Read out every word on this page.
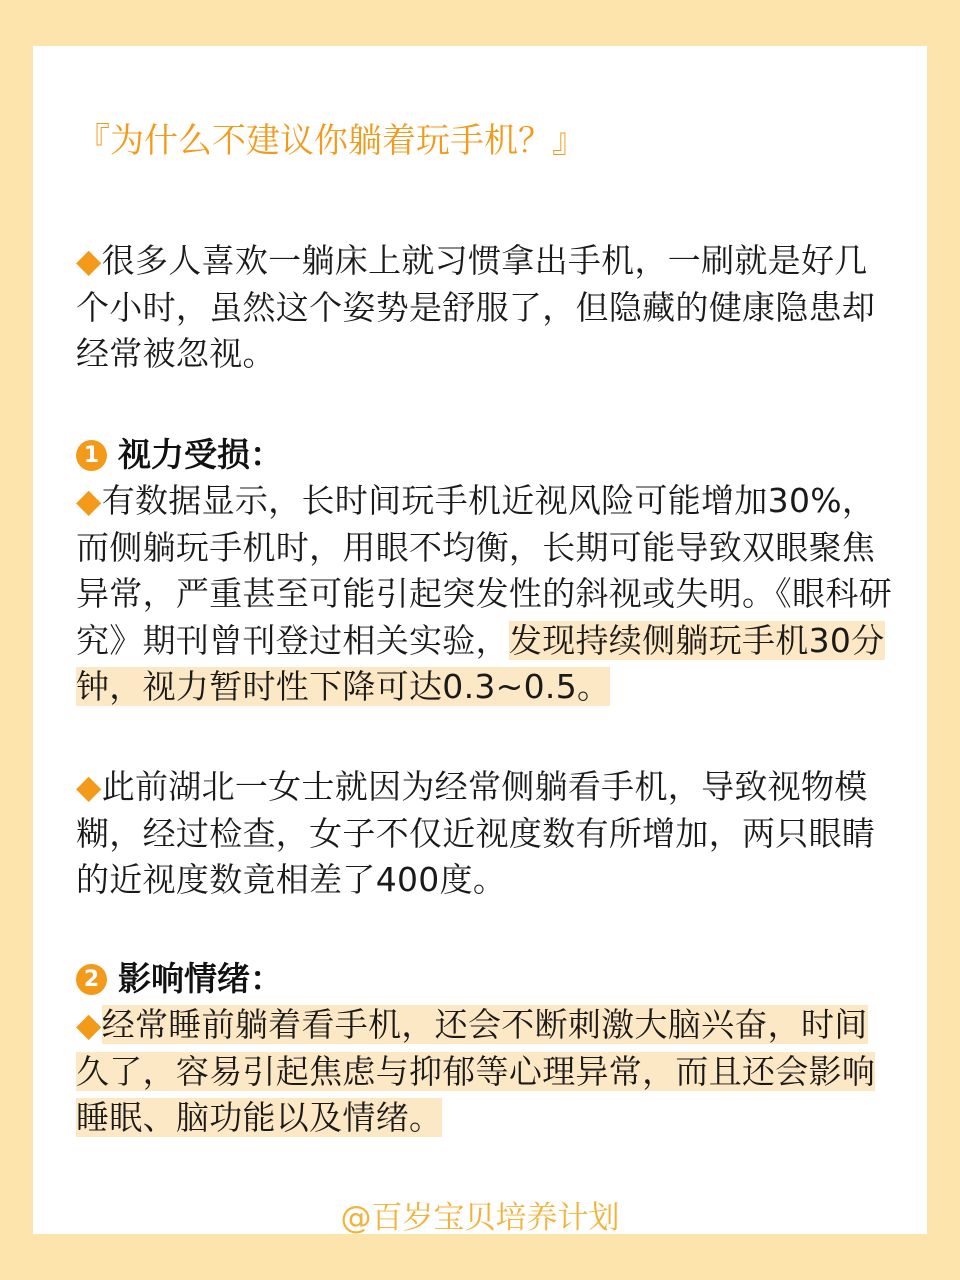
『为什么不建议你躺着玩手机？』
◆很多人喜欢一躺床上就习惯拿出手机，一刷就是好几个小时，虽然这个姿势是舒服了，但隐藏的健康隐患却经常被忽视。
1 视力受损：
◆有数据显示，长时间玩手机近视风险可能增加30%，而侧躺玩手机时，用眼不均衡，长期可能导致双眼聚焦异常，严重甚至可能引起突发性的斜视或失明。《眼科研究》期刊曾刊登过相关实验，发现持续侧躺玩手机30分钟，视力暂时性下降可达0.3~0.5。
◆此前湖北一女士就因为经常侧躺看手机，导致视物模糊，经过检查，女子不仅近视度数有所增加，两只眼睛的近视度数竟相差了400度。
2 影响情绪：
◆经常睡前躺着看手机，还会不断刺激大脑兴奋，时间久了，容易引起焦虑与抑郁等心理异常，而且还会影响睡眠、脑功能以及情绪。
@百岁宝贝培养计划
